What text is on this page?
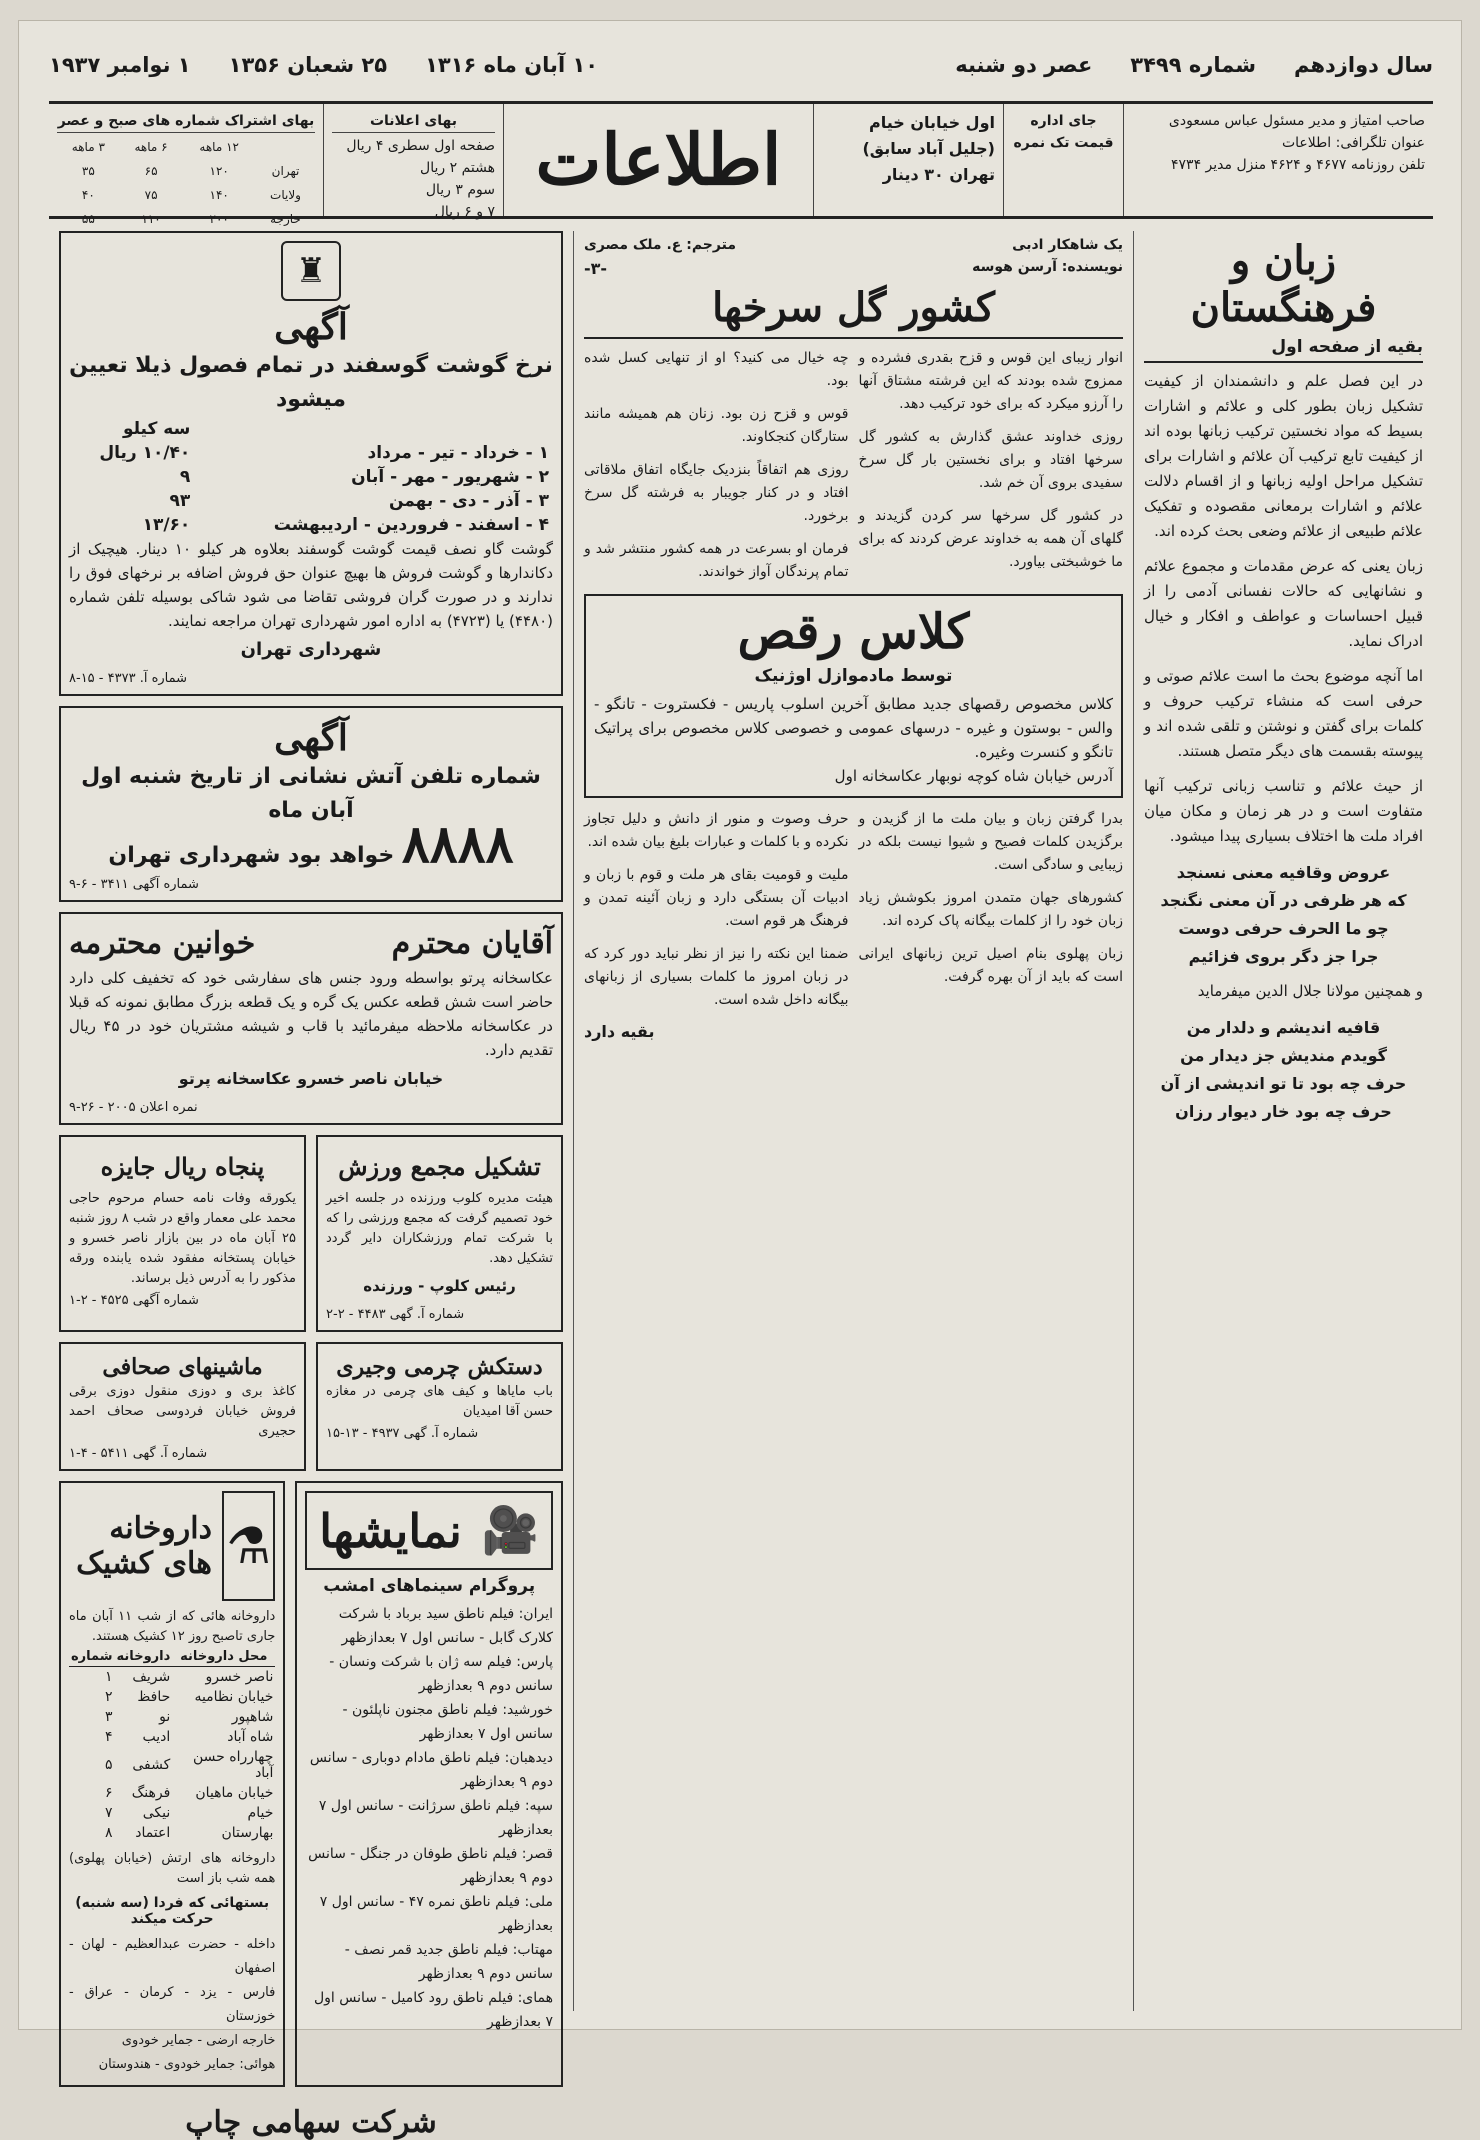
سال دوازدهم
شماره ۳۴۹۹
عصر دو شنبه
۱۰ آبان ماه ۱۳۱۶
۲۵ شعبان ۱۳۵۶
۱ نوامبر ۱۹۳۷
صاحب امتیاز و مدیر مسئول عباس مسعودی
عنوان تلگرافی: اطلاعات
تلفن روزنامه ۴۶۷۷ و ۴۶۲۴ منزل مدیر ۴۷۳۴
جای اداره
قیمت تک نمره
اول خیابان خیام
(جلیل آباد سابق)
تهران ۳۰ دینار
اطلاعات
بهای اعلانات
صفحه اول سطری ۴ ریال
هشتم ۲ ریال
سوم ۳ ریال
۷ و ۶ ریال
بهای اشتراک شماره های صبح و عصر
	۱۲ ماهه	۶ ماهه	۳ ماهه
تهران	۱۲۰	۶۵	۳۵
ولایات	۱۴۰	۷۵	۴۰
خارجه	۲۰۰	۱۱۰	۵۵
زبان و فرهنگستان
بقیه از صفحه اول

در این فصل علم و دانشمندان از کیفیت تشکیل زبان بطور کلی و علائم و اشارات بسیط که مواد نخستین ترکیب زبانها بوده اند از کیفیت تابع ترکیب آن علائم و اشارات برای تشکیل مراحل اولیه زبانها و از اقسام دلالت علائم و اشارات برمعانی مقصوده و تفکیک علائم طبیعی از علائم وضعی بحث کرده اند.

زبان یعنی که عرض مقدمات و مجموع علائم و نشانهایی که حالات نفسانی آدمی را از قبیل احساسات و عواطف و افکار و خیال ادراک نماید.

اما آنچه موضوع بحث ما است علائم صوتی و حرفی است که منشاء ترکیب حروف و کلمات برای گفتن و نوشتن و تلقی شده اند و پیوسته بقسمت های دیگر متصل هستند.

از حیث علائم و تناسب زبانی ترکیب آنها متفاوت است و در هر زمان و مکان میان افراد ملت ها اختلاف بسیاری پیدا میشود.

عروض وقافیه معنی نسنجد
که هر ظرفی در آن معنی نگنجد
چو ما الحرف حرفی دوست
جرا جز دگر بروی فزائیم

و همچنین مولانا جلال الدین میفرماید

قافیه اندیشم و دلدار من
گویدم مندیش جز دیدار من
حرف چه بود تا تو اندیشی از آن
حرف چه بود خار دیوار رزان
یک شاهکار ادبی
مترجم: ع. ملک مصری
نویسنده: آرسن هوسه
-۳-
کشور گل سرخها

انوار زیبای این قوس و قزح بقدری فشرده و ممزوج شده بودند که این فرشته مشتاق آنها را آرزو میکرد که برای خود ترکیب دهد.

روزی خداوند عشق گذارش به کشور گل سرخها افتاد و برای نخستین بار گل سرخ سفیدی بروی آن خم شد.

در کشور گل سرخها سر کردن گزیدند و گلهای آن همه به خداوند عرض کردند که برای ما خوشبختی بیاورد.

چه خیال می کنید؟ او از تنهایی کسل شده بود.

قوس و قزح زن بود. زنان هم همیشه مانند ستارگان کنجکاوند.

روزی هم اتفاقاً بنزدیک جایگاه اتفاق ملاقاتی افتاد و در کنار جویبار به فرشته گل سرخ برخورد.

فرمان او بسرعت در همه کشور منتشر شد و تمام پرندگان آواز خواندند.

کلاس رقص
توسط مادموازل اوژنیک

کلاس مخصوص رقصهای جدید مطابق آخرین اسلوب پاریس - فکستروت - تانگو - والس - بوستون و غیره - درسهای عمومی و خصوصی کلاس مخصوص برای پراتیک تانگو و کنسرت وغیره.

آدرس خیابان شاه کوچه نوبهار عکاسخانه اول

بدرا گرفتن زبان و بیان ملت ما از گزیدن و برگزیدن کلمات فصیح و شیوا نیست بلکه در زیبایی و سادگی است.

کشورهای جهان متمدن امروز بکوشش زیاد زبان خود را از کلمات بیگانه پاک کرده اند.

زبان پهلوی بنام اصیل ترین زبانهای ایرانی است که باید از آن بهره گرفت.

حرف وصوت و منور از دانش و دلیل تجاوز نکرده و با کلمات و عبارات بلیغ بیان شده اند.

ملیت و قومیت بقای هر ملت و قوم با زبان و ادبیات آن بستگی دارد و زبان آئینه تمدن و فرهنگ هر قوم است.

ضمنا این نکته را نیز از نظر نباید دور کرد که در زبان امروز ما کلمات بسیاری از زبانهای بیگانه داخل شده است.

بقیه دارد
♜
آگهی
نرخ گوشت گوسفند در تمام فصول ذیلا تعیین میشود
	سه کیلو
۱ - خرداد - تیر - مرداد	۱۰/۴۰ ریال
۲ - شهریور - مهر - آبان	۹
۳ - آذر - دی - بهمن	۹۳
۴ - اسفند - فروردین - اردیبهشت	۱۳/۶۰

گوشت گاو نصف قیمت گوشت گوسفند بعلاوه هر کیلو ۱۰ دینار. هیچیک از دکاندارها و گوشت فروش ها بهیچ عنوان حق فروش اضافه بر نرخهای فوق را ندارند و در صورت گران فروشی تقاضا می شود شاکی بوسیله تلفن شماره (۴۴۸۰) یا (۴۷۲۳) به اداره امور شهرداری تهران مراجعه نمایند.

شهرداری تهران
شماره آ. ۴۳۷۳ - ۱۵-۸
آگهی
شماره تلفن آتش نشانی از تاریخ شنبه اول آبان ماه
۸۸۸۸ خواهد بود شهرداری تهران
شماره آگهی ۳۴۱۱ - ۶-۹
آقایان محترم
خوانین محترمه

عکاسخانه پرتو بواسطه ورود جنس های سفارشی خود که تخفیف کلی دارد حاضر است شش قطعه عکس یک گره و یک قطعه بزرگ مطابق نمونه که قبلا در عکاسخانه ملاحظه میفرمائید با قاب و شیشه مشتریان خود در ۴۵ ریال تقدیم دارد.

خیابان ناصر خسرو عکاسخانه پرتو
نمره اعلان ۲۰۰۵ - ۲۶-۹
تشکیل مجمع ورزش

هیئت مدیره کلوب ورزنده در جلسه اخیر خود تصمیم گرفت که مجمع ورزشی را که با شرکت تمام ورزشکاران دایر گردد تشکیل دهد.

رئیس کلوپ - ورزنده
شماره آ. گهی ۴۴۸۳ - ۲-۲
پنجاه ریال جایزه

یکورقه وفات نامه حسام مرحوم حاجی محمد علی معمار واقع در شب ۸ روز شنبه ۲۵ آبان ماه در بین بازار ناصر خسرو و خیابان پستخانه مفقود شده یابنده ورقه مذکور را به آدرس ذیل برساند.

شماره آگهی ۴۵۲۵ - ۲-۱
دستکش چرمی وجیری

باب مایاها و کیف های چرمی در مغازه حسن آقا امیدیان

شماره آ. گهی ۴۹۳۷ - ۱۳-۱۵
ماشینهای صحافی

کاغذ بری و دوزی منقول دوزی برقی فروش خیابان فردوسی صحاف احمد حجیری

شماره آ. گهی ۵۴۱۱ - ۴-۱
🎥
نمایشها
پروگرام سینماهای امشب
ایران: فیلم ناطق سید برباد با شرکت کلارک گابل - سانس اول ۷ بعدازظهر
پارس: فیلم سه ژان با شرکت ونسان - سانس دوم ۹ بعدازظهر
خورشید: فیلم ناطق مجنون ناپلئون - سانس اول ۷ بعدازظهر
دیدهبان: فیلم ناطق مادام دوباری - سانس دوم ۹ بعدازظهر
سپه: فیلم ناطق سرژانت - سانس اول ۷ بعدازظهر
قصر: فیلم ناطق طوفان در جنگل - سانس دوم ۹ بعدازظهر
ملی: فیلم ناطق نمره ۴۷ - سانس اول ۷ بعدازظهر
مهتاب: فیلم ناطق جدید قمر نصف - سانس دوم ۹ بعدازظهر
همای: فیلم ناطق رود کامیل - سانس اول ۷ بعدازظهر
⚗
داروخانه های کشیک

داروخانه هائی که از شب ۱۱ آبان ماه جاری تاصبح روز ۱۲ کشیک هستند.

محل داروخانه	داروخانه	شماره
ناصر خسرو	شریف	۱
خیابان نظامیه	حافظ	۲
شاهپور	نو	۳
شاه آباد	ادیب	۴
چهارراه حسن آباد	کشفی	۵
خیابان ماهیان	فرهنگ	۶
خیام	نیکی	۷
بهارستان	اعتماد	۸

داروخانه های ارتش (خیابان پهلوی) همه شب باز است

بستهائی که فردا (سه شنبه) حرکت میکند
داخله - حضرت عبدالعظیم - لهان - اصفهان
فارس - یزد - کرمان - عراق - خوزستان
خارجه ارضی - جمایر خودوی
هوائی: جمایر خودوی - هندوستان
شرکت سهامی چاپ
